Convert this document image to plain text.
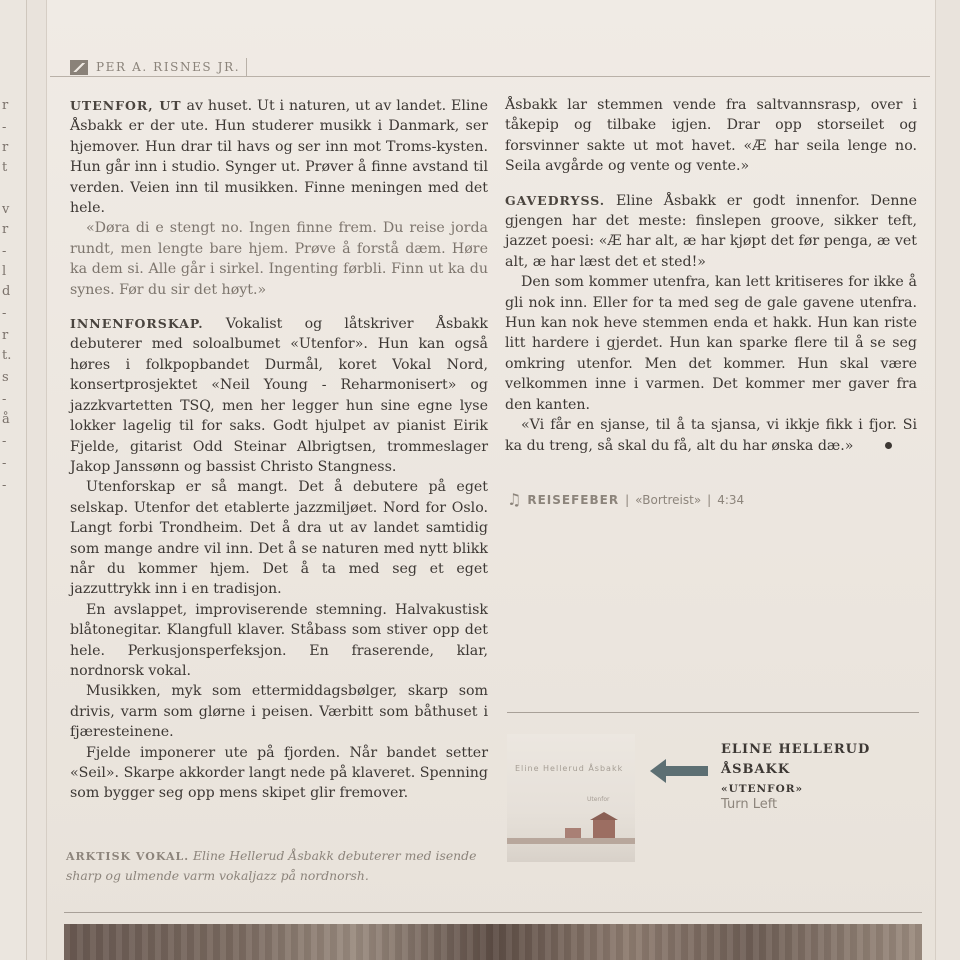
r
-
r
t
v
r
-
l
d
-
r
t.
s
-
å
-
-
-
PER A. RISNES JR.

UTENFOR, UT av huset. Ut i naturen, ut av landet. Eline Åsbakk er der ute. Hun studerer musikk i Danmark, ser hjemover. Hun drar til havs og ser inn mot Troms-kysten. Hun går inn i studio. Synger ut. Prøver å finne avstand til verden. Veien inn til musikken. Finne meningen med det hele.

«Døra di e stengt no. Ingen finne frem. Du reise jorda rundt, men lengte bare hjem. Prøve å forstå dæm. Høre ka dem si. Alle går i sirkel. Ingenting førbli. Finn ut ka du synes. Før du sir det høyt.»

INNENFORSKAP. Vokalist og låtskriver Åsbakk debuterer med soloalbumet «Utenfor». Hun kan også høres i folkpopbandet Durmål, koret Vokal Nord, konsertprosjektet «Neil Young - Reharmonisert» og jazzkvartetten TSQ, men her legger hun sine egne lyse lokker lagelig til for saks. Godt hjulpet av pianist Eirik Fjelde, gitarist Odd Steinar Albrigtsen, trommeslager Jakop Janssønn og bassist Christo Stangness.

Utenforskap er så mangt. Det å debutere på eget selskap. Utenfor det etablerte jazzmiljøet. Nord for Oslo. Langt forbi Trondheim. Det å dra ut av landet samtidig som mange andre vil inn. Det å se naturen med nytt blikk når du kommer hjem. Det å ta med seg et eget jazzuttrykk inn i en tradisjon.

En avslappet, improviserende stemning. Halvakustisk blåtonegitar. Klangfull klaver. Ståbass som stiver opp det hele. Perkusjonsperfeksjon. En fraserende, klar, nordnorsk vokal.

Musikken, myk som ettermiddagsbølger, skarp som drivis, varm som glørne i peisen. Værbitt som båthuset i fjæresteinene.

Fjelde imponerer ute på fjorden. Når bandet setter «Seil». Skarpe akkorder langt nede på klaveret. Spenning som bygger seg opp mens skipet glir fremover.

Åsbakk lar stemmen vende fra saltvannsrasp, over i tåkepip og tilbake igjen. Drar opp storseilet og forsvinner sakte ut mot havet. «Æ har seila lenge no. Seila avgårde og vente og vente.»

GAVEDRYSS. Eline Åsbakk er godt innenfor. Denne gjengen har det meste: finslepen groove, sikker teft, jazzet poesi: «Æ har alt, æ har kjøpt det før penga, æ vet alt, æ har læst det et sted!»

Den som kommer utenfra, kan lett kritiseres for ikke å gli nok inn. Eller for ta med seg de gale gavene utenfra. Hun kan nok heve stemmen enda et hakk. Hun kan riste litt hardere i gjerdet. Hun kan sparke flere til å se seg omkring utenfor. Men det kommer. Hun skal være velkommen inne i varmen. Det kommer mer gaver fra den kanten.

«Vi får en sjanse, til å ta sjansa, vi ikkje fikk i fjor. Si ka du treng, så skal du få, alt du har ønska dæ.»

♫ REISEFEBER | «Bortreist» | 4:34
Eline Hellerud Åsbakk
Utenfor
ELINE HELLERUD
ÅSBAKK
«UTENFOR»
Turn Left
ARKTISK VOKAL. Eline Hellerud Åsbakk debuterer med isende sharp og ulmende varm vokaljazz på nordnorsh.
